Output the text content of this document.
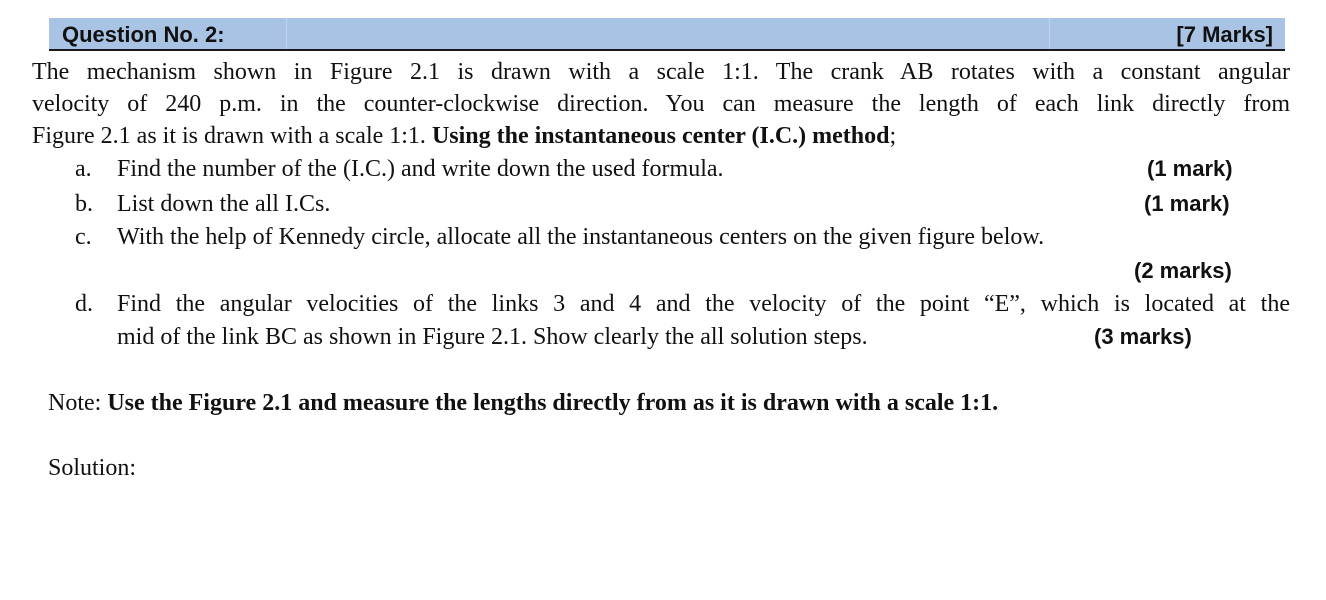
Question No. 2:	[7 Marks]
The mechanism shown in Figure 2.1 is drawn with a scale 1:1. The crank AB rotates with a constant angular
velocity of 240 p.m. in the counter-clockwise direction. You can measure the length of each link directly from
Figure 2.1 as it is drawn with a scale 1:1. Using the instantaneous center (I.C.) method;
a. Find the number of the (I.C.) and write down the used formula.	(1 mark)
b. List down the all I.Cs.	(1 mark)
c. With the help of Kennedy circle, allocate all the instantaneous centers on the given figure below.
(2 marks)
d. Find the angular velocities of the links 3 and 4 and the velocity of the point “E”, which is located at the
mid of the link BC as shown in Figure 2.1. Show clearly the all solution steps.	(3 marks)
Note: Use the Figure 2.1 and measure the lengths directly from as it is drawn with a scale 1:1.
Solution:
